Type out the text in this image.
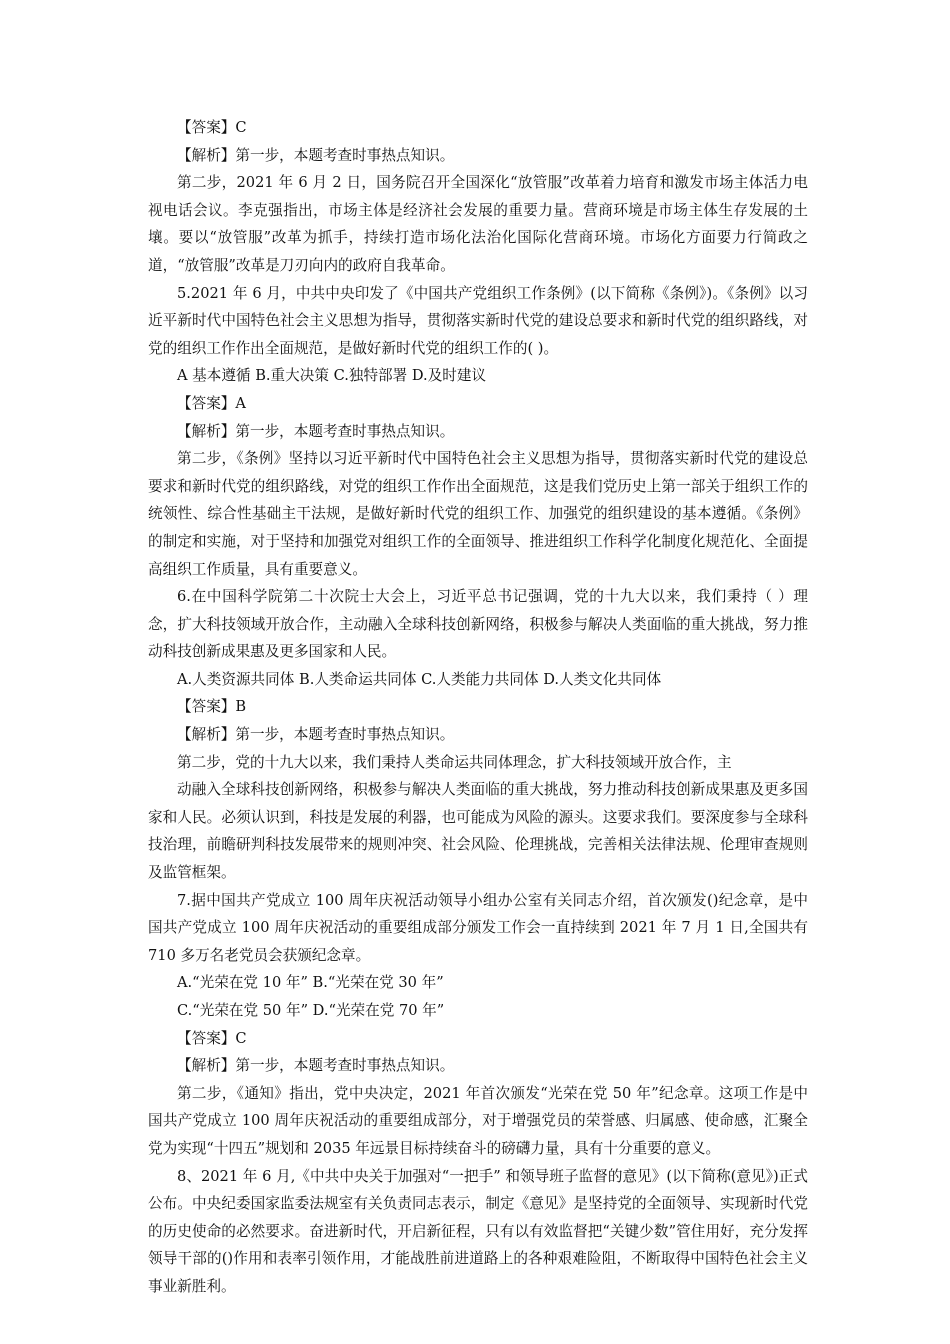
【答案】C

【解析】第一步，本题考查时事热点知识。

第二步，2021 年 6 月 2 日，国务院召开全国深化“放管服”改革着力培育和激发市场主体活力电视电话会议。李克强指出，市场主体是经济社会发展的重要力量。营商环境是市场主体生存发展的土壤。要以“放管服”改革为抓手，持续打造市场化法治化国际化营商环境。市场化方面要力行简政之道，“放管服”改革是刀刃向内的政府自我革命。

5.2021 年 6 月，中共中央印发了《中国共产党组织工作条例》(以下简称《条例》)。《条例》以习近平新时代中国特色社会主义思想为指导，贯彻落实新时代党的建设总要求和新时代党的组织路线，对党的组织工作作出全面规范，是做好新时代党的组织工作的( )。

A 基本遵循 B.重大决策 C.独特部署 D.及时建议

【答案】A

【解析】第一步，本题考查时事热点知识。

第二步，《条例》坚持以习近平新时代中国特色社会主义思想为指导，贯彻落实新时代党的建设总要求和新时代党的组织路线，对党的组织工作作出全面规范，这是我们党历史上第一部关于组织工作的统领性、综合性基础主干法规，是做好新时代党的组织工作、加强党的组织建设的基本遵循。《条例》的制定和实施，对于坚持和加强党对组织工作的全面领导、推进组织工作科学化制度化规范化、全面提高组织工作质量，具有重要意义。

6.在中国科学院第二十次院士大会上，习近平总书记强调，党的十九大以来，我们秉持（ ）理念，扩大科技领域开放合作，主动融入全球科技创新网络，积极参与解决人类面临的重大挑战，努力推动科技创新成果惠及更多国家和人民。

A.人类资源共同体 B.人类命运共同体 C.人类能力共同体 D.人类文化共同体

【答案】B

【解析】第一步，本题考查时事热点知识。

第二步，党的十九大以来，我们秉持人类命运共同体理念，扩大科技领域开放合作，主

动融入全球科技创新网络，积极参与解决人类面临的重大挑战，努力推动科技创新成果惠及更多国家和人民。必须认识到，科技是发展的利器，也可能成为风险的源头。这要求我们。要深度参与全球科技治理，前瞻研判科技发展带来的规则冲突、社会风险、伦理挑战，完善相关法律法规、伦理审查规则及监管框架。

7.据中国共产党成立 100 周年庆祝活动领导小组办公室有关同志介绍，首次颁发()纪念章，是中国共产党成立 100 周年庆祝活动的重要组成部分颁发工作会一直持续到 2021 年 7 月 1 日,全国共有 710 多万名老党员会获颁纪念章。

A.“光荣在党 10 年” B.“光荣在党 30 年”

C.“光荣在党 50 年” D.“光荣在党 70 年”

【答案】C

【解析】第一步，本题考查时事热点知识。

第二步，《通知》指出，党中央决定，2021 年首次颁发“光荣在党 50 年”纪念章。这项工作是中国共产党成立 100 周年庆祝活动的重要组成部分，对于增强党员的荣誉感、归属感、使命感，汇聚全党为实现“十四五”规划和 2035 年远景目标持续奋斗的磅礴力量，具有十分重要的意义。

8、2021 年 6 月,《中共中央关于加强对“一把手” 和领导班子监督的意见》(以下简称(意见》)正式公布。中央纪委国家监委法规室有关负责同志表示，制定《意见》是坚持党的全面领导、实现新时代党的历史使命的必然要求。奋进新时代，开启新征程，只有以有效监督把“关键少数”管住用好，充分发挥领导干部的()作用和表率引领作用，才能战胜前进道路上的各种艰难险阻，不断取得中国特色社会主义事业新胜利。
